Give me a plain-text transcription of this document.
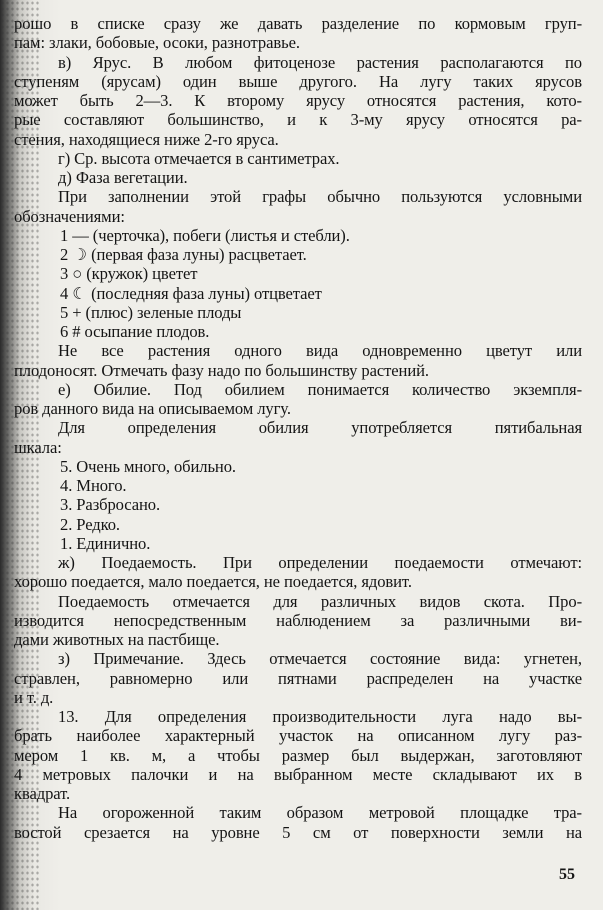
рошо в списке сразу же давать разделение по кормовым груп-
пам: злаки, бобовые, осоки, разнотравье.
в) Ярус. В любом фитоценозе растения располагаются по
ступеням (ярусам) один выше другого. На лугу таких ярусов
может быть 2—3. К второму ярусу относятся растения, кото-
рые составляют большинство, и к 3-му ярусу относятся ра-
стения, находящиеся ниже 2-го яруса.
г) Ср. высота отмечается в сантиметрах.
д) Фаза вегетации.
При заполнении этой графы обычно пользуются условными
обозначениями:
1 — (черточка), побеги (листья и стебли).
2 ☽ (первая фаза луны) расцветает.
3 ○ (кружок) цветет
4 ☾ (последняя фаза луны) отцветает
5 + (плюс) зеленые плоды
6 # осыпание плодов.
Не все растения одного вида одновременно цветут или
плодоносят. Отмечать фазу надо по большинству растений.
е) Обилие. Под обилием понимается количество экземпля-
ров данного вида на описываемом лугу.
Для определения обилия употребляется пятибальная
шкала:
5. Очень много, обильно.
4. Много.
3. Разбросано.
2. Редко.
1. Единично.
ж) Поедаемость. При определении поедаемости отмечают:
хорошо поедается, мало поедается, не поедается, ядовит.
Поедаемость отмечается для различных видов скота. Про-
изводится непосредственным наблюдением за различными ви-
дами животных на пастбище.
з) Примечание. Здесь отмечается состояние вида: угнетен,
стравлен, равномерно или пятнами распределен на участке
и т. д.
13. Для определения производительности луга надо вы-
брать наиболее характерный участок на описанном лугу раз-
мером 1 кв. м, а чтобы размер был выдержан, заготовляют
4 метровых палочки и на выбранном месте складывают их в
квадрат.
На огороженной таким образом метровой площадке тра-
востой срезается на уровне 5 см от поверхности земли на
55
